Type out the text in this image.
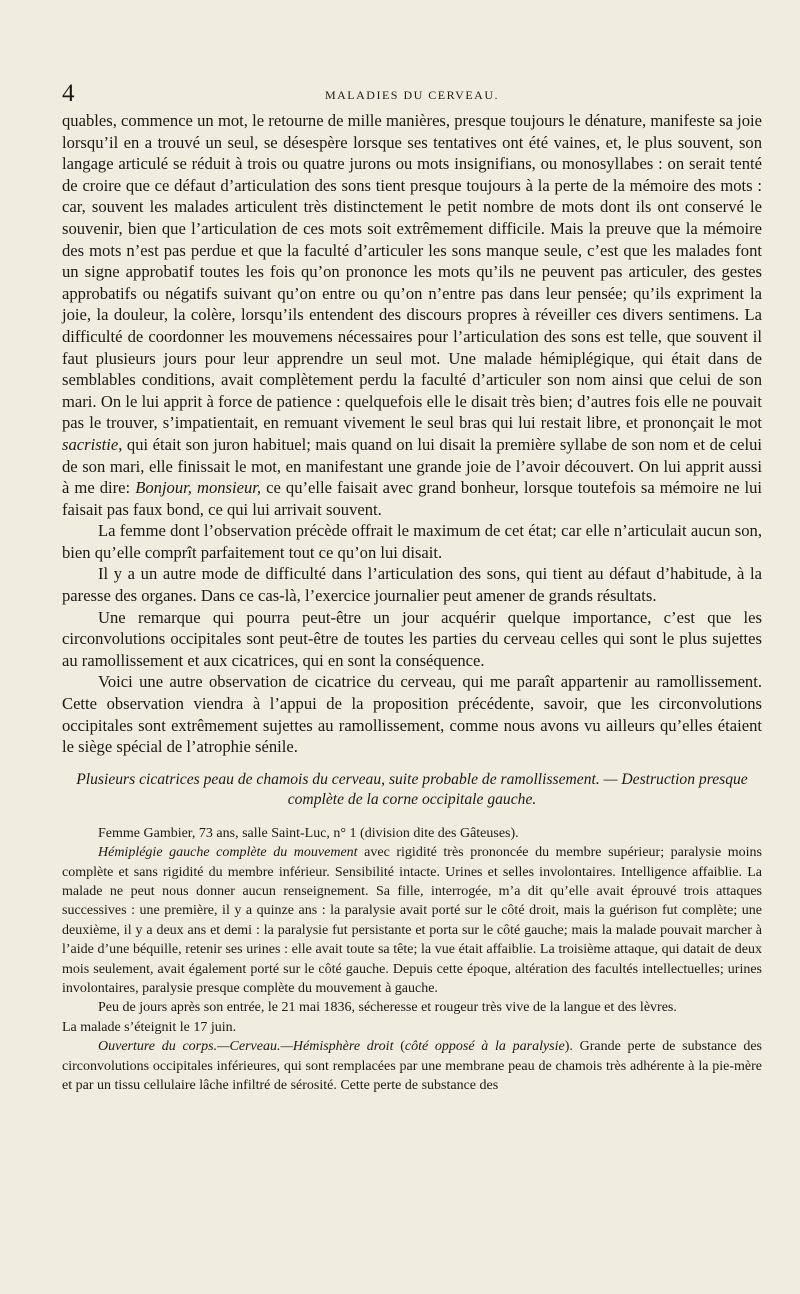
4	MALADIES DU CERVEAU.

quables, commence un mot, le retourne de mille manières, presque toujours le dénature, manifeste sa joie lorsqu’il en a trouvé un seul, se désespère lorsque ses tentatives ont été vaines, et, le plus souvent, son langage articulé se réduit à trois ou quatre jurons ou mots insignifians, ou monosyllabes : on serait tenté de croire que ce défaut d’articulation des sons tient presque toujours à la perte de la mémoire des mots : car, souvent les malades articulent très distinctement le petit nombre de mots dont ils ont conservé le souvenir, bien que l’articulation de ces mots soit extrêmement difficile. Mais la preuve que la mémoire des mots n’est pas perdue et que la faculté d’articuler les sons manque seule, c’est que les malades font un signe approbatif toutes les fois qu’on prononce les mots qu’ils ne peuvent pas articuler, des gestes approbatifs ou négatifs suivant qu’on entre ou qu’on n’entre pas dans leur pensée; qu’ils expriment la joie, la douleur, la colère, lorsqu’ils entendent des discours propres à réveiller ces divers sentimens. La difficulté de coordonner les mouvemens nécessaires pour l’articulation des sons est telle, que souvent il faut plusieurs jours pour leur apprendre un seul mot. Une malade hémiplégique, qui était dans de semblables conditions, avait complètement perdu la faculté d’articuler son nom ainsi que celui de son mari. On le lui apprit à force de patience : quelquefois elle le disait très bien; d’autres fois elle ne pouvait pas le trouver, s’impatientait, en remuant vivement le seul bras qui lui restait libre, et prononçait le mot sacristie, qui était son juron habituel; mais quand on lui disait la première syllabe de son nom et de celui de son mari, elle finissait le mot, en manifestant une grande joie de l’avoir découvert. On lui apprit aussi à me dire: Bonjour, monsieur, ce qu’elle faisait avec grand bonheur, lorsque toutefois sa mémoire ne lui faisait pas faux bond, ce qui lui arrivait souvent.

La femme dont l’observation précède offrait le maximum de cet état; car elle n’articulait aucun son, bien qu’elle comprît parfaitement tout ce qu’on lui disait.

Il y a un autre mode de difficulté dans l’articulation des sons, qui tient au défaut d’habitude, à la paresse des organes. Dans ce cas-là, l’exercice journalier peut amener de grands résultats.

Une remarque qui pourra peut-être un jour acquérir quelque importance, c’est que les circonvolutions occipitales sont peut-être de toutes les parties du cerveau celles qui sont le plus sujettes au ramollissement et aux cicatrices, qui en sont la conséquence.

Voici une autre observation de cicatrice du cerveau, qui me paraît appartenir au ramollissement. Cette observation viendra à l’appui de la proposition précédente, savoir, que les circonvolutions occipitales sont extrêmement sujettes au ramollissement, comme nous avons vu ailleurs qu’elles étaient le siège spécial de l’atrophie sénile.

Plusieurs cicatrices peau de chamois du cerveau, suite probable de ramollissement. — Destruction presque
complète de la corne occipitale gauche.

Femme Gambier, 73 ans, salle Saint-Luc, n° 1 (division dite des Gâteuses).

Hémiplégie gauche complète du mouvement avec rigidité très prononcée du membre supérieur; paralysie moins complète et sans rigidité du membre inférieur. Sensibilité intacte. Urines et selles involontaires. Intelligence affaiblie. La malade ne peut nous donner aucun renseignement. Sa fille, interrogée, m’a dit qu’elle avait éprouvé trois attaques successives : une première, il y a quinze ans : la paralysie avait porté sur le côté droit, mais la guérison fut complète; une deuxième, il y a deux ans et demi : la paralysie fut persistante et porta sur le côté gauche; mais la malade pouvait marcher à l’aide d’une béquille, retenir ses urines : elle avait toute sa tête; la vue était affaiblie. La troisième attaque, qui datait de deux mois seulement, avait également porté sur le côté gauche. Depuis cette époque, altération des facultés intellectuelles; urines involontaires, paralysie presque complète du mouvement à gauche.

Peu de jours après son entrée, le 21 mai 1836, sécheresse et rougeur très vive de la langue et des lèvres.

La malade s’éteignit le 17 juin.

Ouverture du corps.—Cerveau.—Hémisphère droit (côté opposé à la paralysie). Grande perte de substance des circonvolutions occipitales inférieures, qui sont remplacées par une membrane peau de chamois très adhérente à la pie-mère et par un tissu cellulaire lâche infiltré de sérosité. Cette perte de substance des
